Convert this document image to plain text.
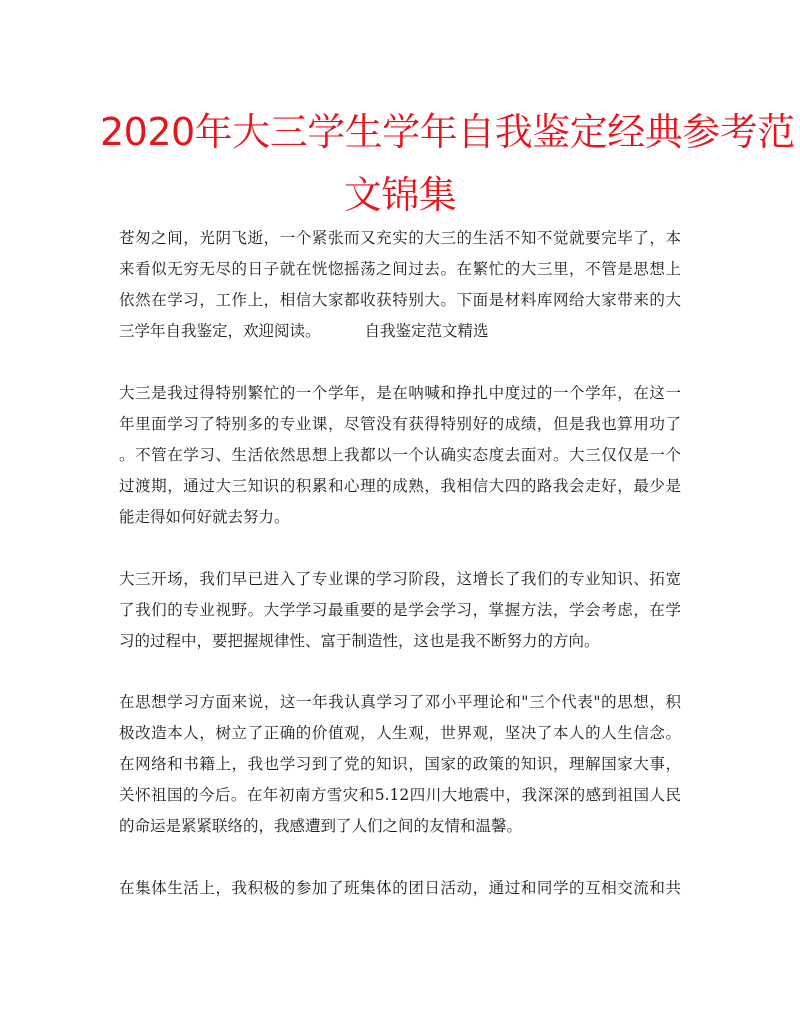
2020年大三学生学年自我鉴定经典参考范
文锦集
苍匆之间，光阴飞逝，一个紧张而又充实的大三的生活不知不觉就要完毕了，本
来看似无穷无尽的日子就在恍惚摇荡之间过去。在繁忙的大三里，不管是思想上
依然在学习，工作上，相信大家都收获特别大。下面是材料库网给大家带来的大
三学年自我鉴定，欢迎阅读。	自我鉴定范文精选
大三是我过得特别繁忙的一个学年，是在呐喊和挣扎中度过的一个学年，在这一
年里面学习了特别多的专业课，尽管没有获得特别好的成绩，但是我也算用功了
。不管在学习、生活依然思想上我都以一个认确实态度去面对。大三仅仅是一个
过渡期，通过大三知识的积累和心理的成熟，我相信大四的路我会走好，最少是
能走得如何好就去努力。
大三开场，我们早已进入了专业课的学习阶段，这增长了我们的专业知识、拓宽
了我们的专业视野。大学学习最重要的是学会学习，掌握方法，学会考虑，在学
习的过程中，要把握规律性、富于制造性，这也是我不断努力的方向。
在思想学习方面来说，这一年我认真学习了邓小平理论和"三个代表"的思想，积
极改造本人，树立了正确的价值观，人生观，世界观，坚决了本人的人生信念。
在网络和书籍上，我也学习到了党的知识，国家的政策的知识，理解国家大事，
关怀祖国的今后。在年初南方雪灾和5.12四川大地震中，我深深的感到祖国人民
的命运是紧紧联络的，我感遭到了人们之间的友情和温馨。
在集体生活上，我积极的参加了班集体的团日活动，通过和同学的互相交流和共
